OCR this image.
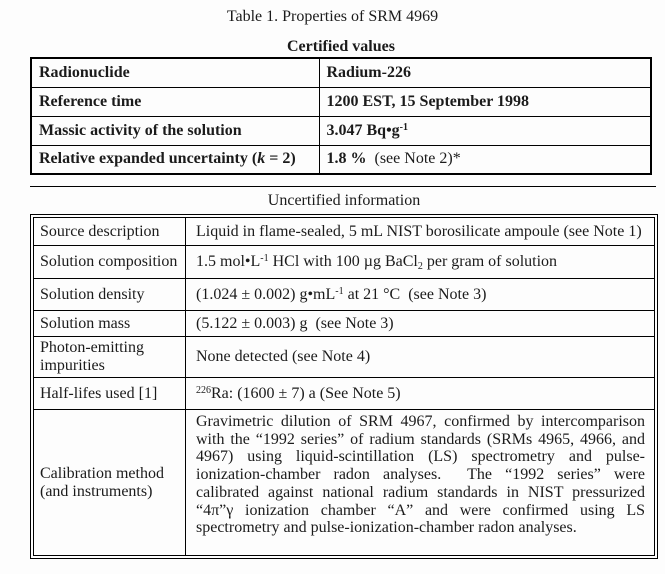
Table 1. Properties of SRM 4969
Certified values
Radionuclide	Radium-226
Reference time	1200 EST, 15 September 1998
Massic activity of the solution	3.047 $Bq•g^{-1}$
Relative expanded uncertainty (k = 2)	1.8 %  (see Note 2)*
Uncertified information
Source description	Liquid in flame-sealed, 5 mL NIST borosilicate ampoule (see Note 1)
Solution composition	1.5 $mol•L^{-1}$ HCl with 100 µg BaCl$_2$ per gram of solution
Solution density	(1.024 ± 0.002) $g•mL^{-1}$ at 21 °C  (see Note 3)
Solution mass	(5.122 ± 0.003) g  (see Note 3)
Photon-emitting impurities	None detected (see Note 4)
Half-lifes used [1]	$^{226}$Ra: (1600 ± 7) a (See Note 5)
Calibration method (and instruments)	Gravimetric dilution of SRM 4967, confirmed by intercomparison with the “1992 series” of radium standards (SRMs 4965, 4966, and 4967) using liquid-scintillation (LS) spectrometry and pulse-ionization-chamber radon analyses.  The “1992 series” were calibrated against national radium standards in NIST pressurized “4π”γ ionization chamber “A” and were confirmed using LS spectrometry and pulse-ionization-chamber radon analyses.
